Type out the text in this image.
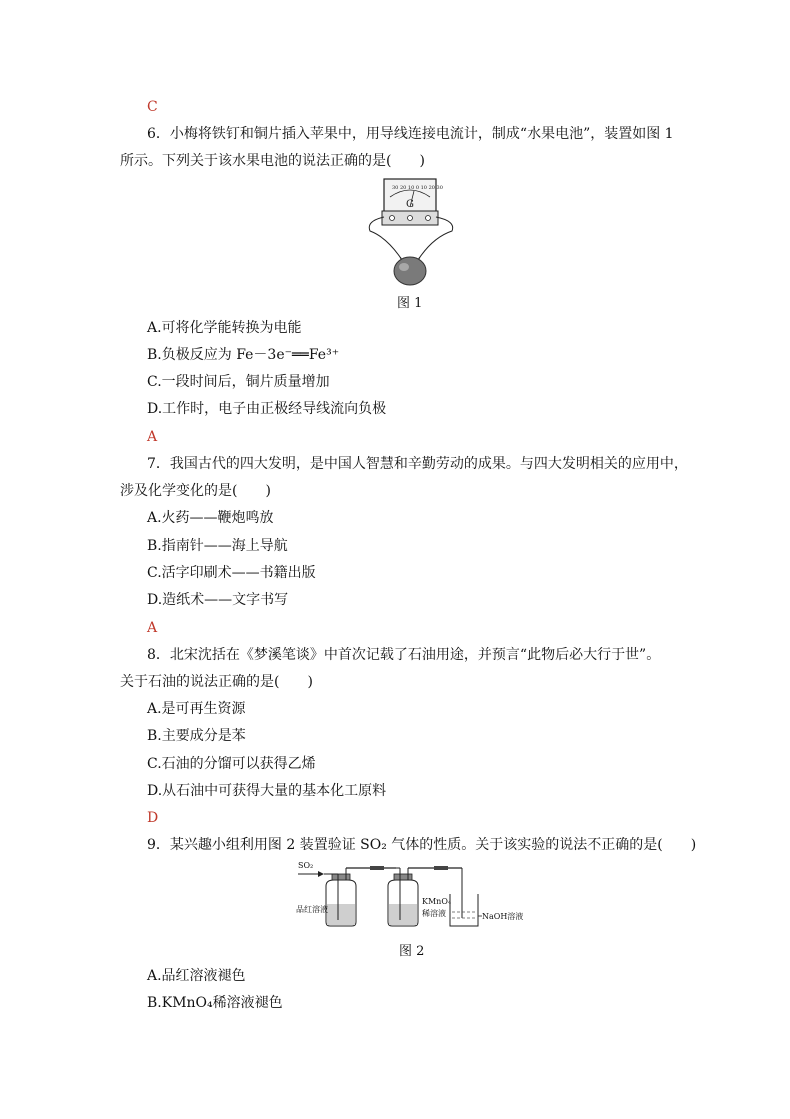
C
6．小梅将铁钉和铜片插入苹果中，用导线连接电流计，制成“水果电池”，装置如图 1
所示。下列关于该水果电池的说法正确的是(　　)
30 20 10 0 10 20 30
G
图 1
A.可将化学能转换为电能
B.负极反应为 Fe－3e⁻══Fe³⁺
C.一段时间后，铜片质量增加
D.工作时，电子由正极经导线流向负极
A
7．我国古代的四大发明，是中国人智慧和辛勤劳动的成果。与四大发明相关的应用中，
涉及化学变化的是(　　)
A.火药——鞭炮鸣放
B.指南针——海上导航
C.活字印刷术——书籍出版
D.造纸术——文字书写
A
8．北宋沈括在《梦溪笔谈》中首次记载了石油用途，并预言“此物后必大行于世”。
关于石油的说法正确的是(　　)
A.是可再生资源
B.主要成分是苯
C.石油的分馏可以获得乙烯
D.从石油中可获得大量的基本化工原料
D
9．某兴趣小组利用图 2 装置验证 SO₂ 气体的性质。关于该实验的说法不正确的是(　　)
SO₂
品红溶液
KMnO₄
稀溶液	NaOH溶液
图 2
A.品红溶液褪色
B.KMnO₄稀溶液褪色
